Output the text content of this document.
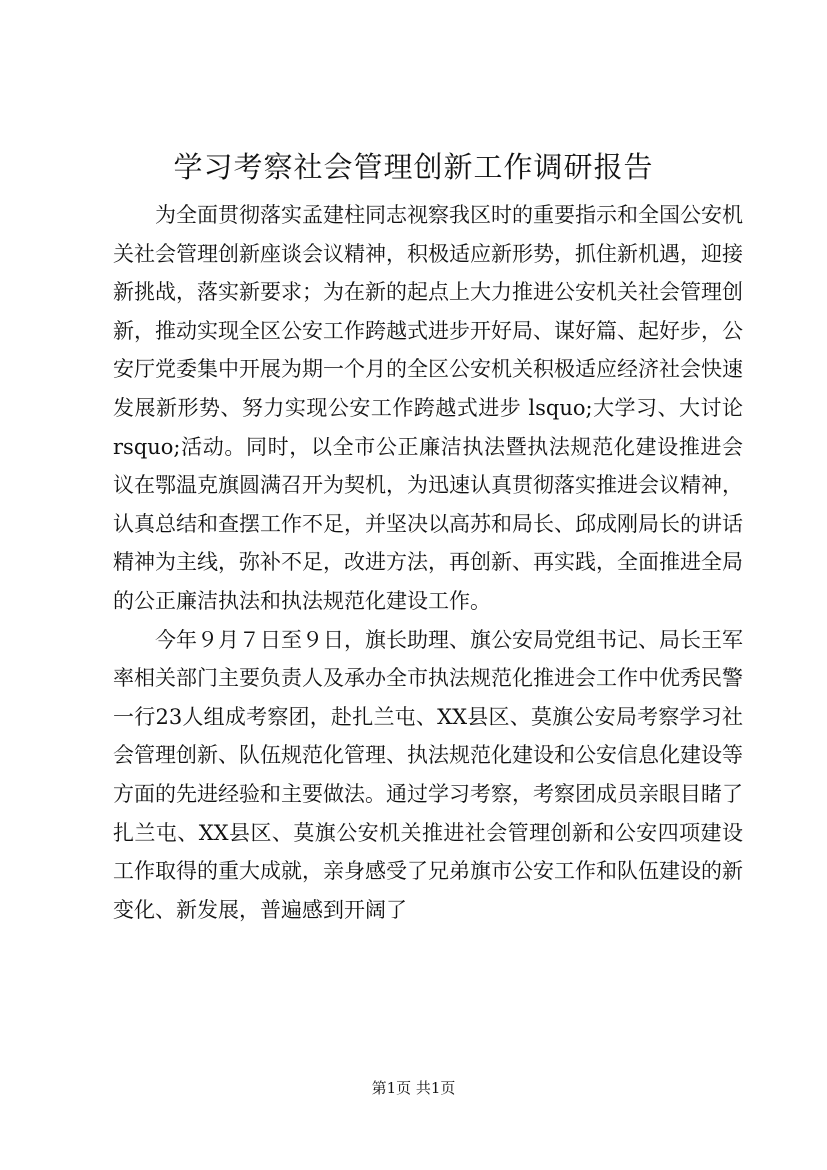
学习考察社会管理创新工作调研报告

为全面贯彻落实孟建柱同志视察我区时的重要指示和全国公安机关社会管理创新座谈会议精神，积极适应新形势，抓住新机遇，迎接新挑战，落实新要求；为在新的起点上大力推进公安机关社会管理创新，推动实现全区公安工作跨越式进步开好局、谋好篇、起好步，公安厅党委集中开展为期一个月的全区公安机关积极适应经济社会快速发展新形势、努力实现公安工作跨越式进步 lsquo;大学习、大讨论 rsquo;活动。同时，以全市公正廉洁执法暨执法规范化建设推进会议在鄂温克旗圆满召开为契机，为迅速认真贯彻落实推进会议精神，认真总结和查摆工作不足，并坚决以高苏和局长、邱成刚局长的讲话精神为主线，弥补不足，改进方法，再创新、再实践，全面推进全局的公正廉洁执法和执法规范化建设工作。

今年９月７日至９日，旗长助理、旗公安局党组书记、局长王军率相关部门主要负责人及承办全市执法规范化推进会工作中优秀民警一行23人组成考察团，赴扎兰屯、XX县区、莫旗公安局考察学习社会管理创新、队伍规范化管理、执法规范化建设和公安信息化建设等方面的先进经验和主要做法。通过学习考察，考察团成员亲眼目睹了扎兰屯、XX县区、莫旗公安机关推进社会管理创新和公安四项建设工作取得的重大成就，亲身感受了兄弟旗市公安工作和队伍建设的新变化、新发展，普遍感到开阔了

第1页 共1页
